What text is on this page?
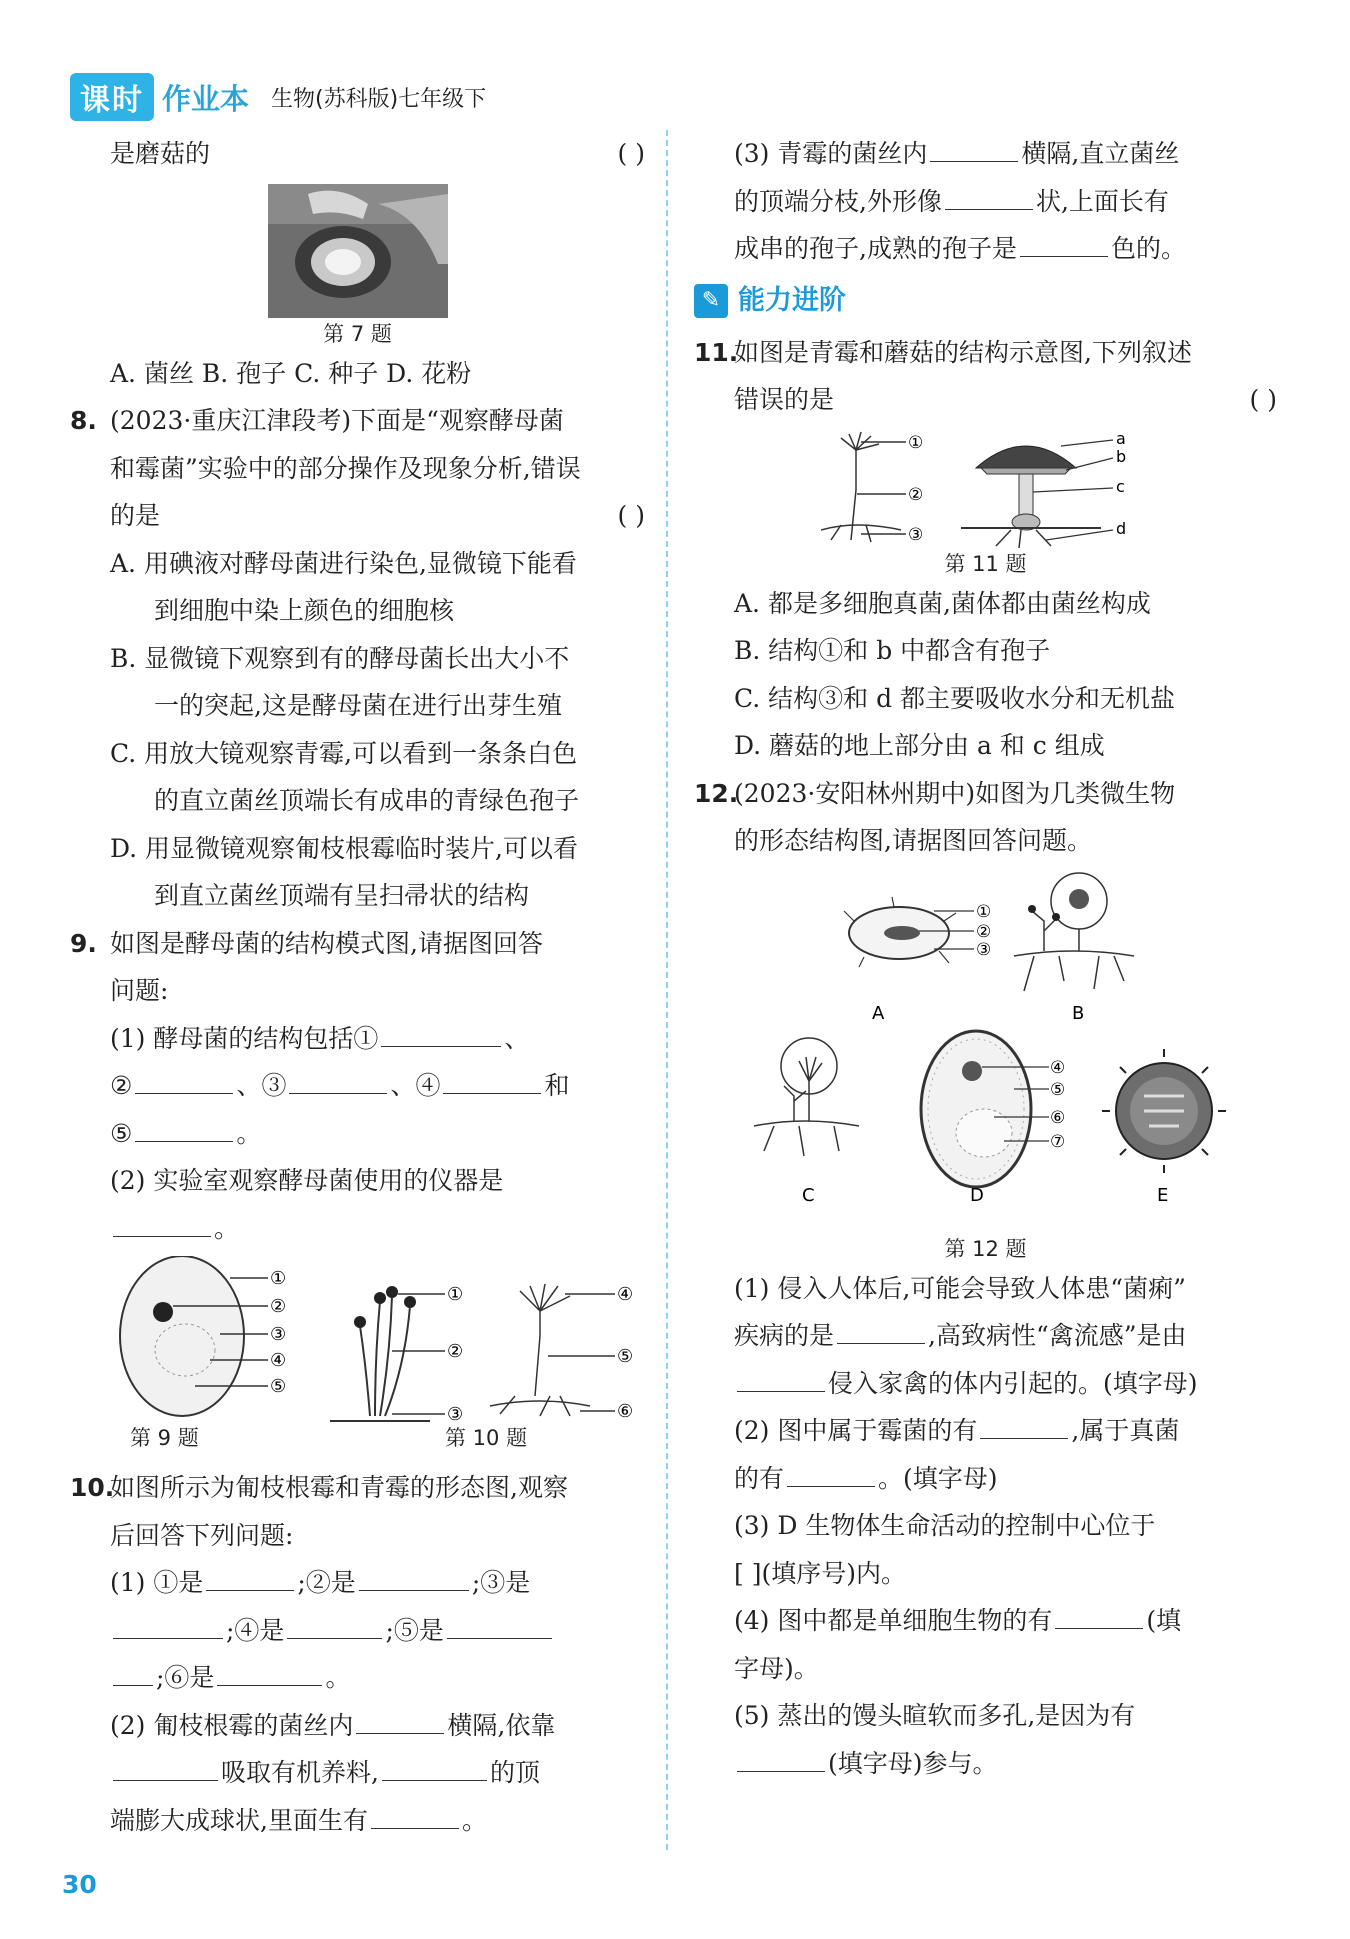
课时 作业本 生物(苏科版)七年级下
是磨菇的	( )
第 7 题
A. 菌丝 B. 孢子 C. 种子 D. 花粉
8. (2023·重庆江津段考)下面是“观察酵母菌
和霉菌”实验中的部分操作及现象分析,错误
的是	( )
A. 用碘液对酵母菌进行染色,显微镜下能看
到细胞中染上颜色的细胞核
B. 显微镜下观察到有的酵母菌长出大小不
一的突起,这是酵母菌在进行出芽生殖
C. 用放大镜观察青霉,可以看到一条条白色
的直立菌丝顶端长有成串的青绿色孢子
D. 用显微镜观察匍枝根霉临时装片,可以看
到直立菌丝顶端有呈扫帚状的结构
9. 如图是酵母菌的结构模式图,请据图回答
问题:
(1) 酵母菌的结构包括①	、
②	、③	、④	和
⑤	。
(2) 实验室观察酵母菌使用的仪器是
。
①
②
③
④
⑤
①
②
③
④
⑤
⑥
第 9 题	第 10 题
10.
如图所示为匍枝根霉和青霉的形态图,观察
后回答下列问题:
(1) ①是	;②是	;③是
;④是	;⑤是
;⑥是	。
(2) 匍枝根霉的菌丝内	横隔,依靠
吸取有机养料,	的顶
端膨大成球状,里面生有	。
(3) 青霉的菌丝内	横隔,直立菌丝
的顶端分枝,外形像	状,上面长有
成串的孢子,成熟的孢子是	色的。
✎ 能力进阶
11.
如图是青霉和蘑菇的结构示意图,下列叙述
错误的是	( )
①
②
③
a
b
c
d
第 11 题
A. 都是多细胞真菌,菌体都由菌丝构成
B. 结构①和 b 中都含有孢子
C. 结构③和 d 都主要吸收水分和无机盐
D. 蘑菇的地上部分由 a 和 c 组成
12.
(2023·安阳林州期中)如图为几类微生物
的形态结构图,请据图回答问题。
①
②
③
A	B
C
④
⑤
⑥
⑦
D	E
第 12 题
(1) 侵入人体后,可能会导致人体患“菌痢”
疾病的是	,高致病性“禽流感”是由
侵入家禽的体内引起的。(填字母)
(2) 图中属于霉菌的有	,属于真菌
的有	。(填字母)
(3) D 生物体生命活动的控制中心位于
[ ](填序号)内。
(4) 图中都是单细胞生物的有	(填
字母)。
(5) 蒸出的馒头暄软而多孔,是因为有
(填字母)参与。
30
